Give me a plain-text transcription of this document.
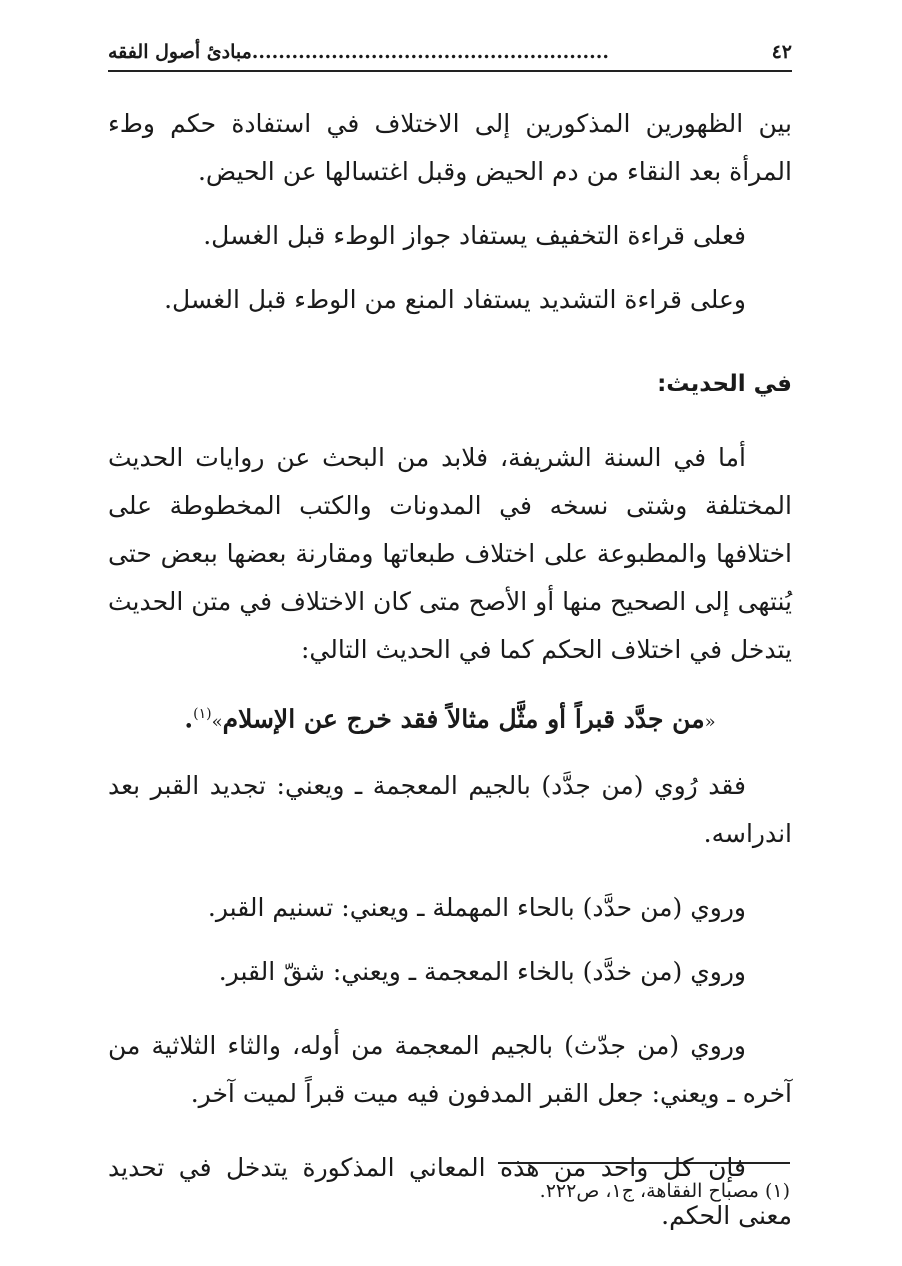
٤٢
......................................................مبادئ أصول الفقه

بين الظهورين المذكورين إلى الاختلاف في استفادة حكم وطء المرأة بعد النقاء من دم الحيض وقبل اغتسالها عن الحيض.

فعلى قراءة التخفيف يستفاد جواز الوطء قبل الغسل.

وعلى قراءة التشديد يستفاد المنع من الوطء قبل الغسل.

في الحديث:

أما في السنة الشريفة، فلابد من البحث عن روايات الحديث المختلفة وشتى نسخه في المدونات والكتب المخطوطة على اختلافها والمطبوعة على اختلاف طبعاتها ومقارنة بعضها ببعض حتى يُنتهى إلى الصحيح منها أو الأصح متى كان الاختلاف في متن الحديث يتدخل في اختلاف الحكم كما في الحديث التالي:

«من جدَّد قبراً أو مثَّل مثالاً فقد خرج عن الإسلام»$^{(١)}$.

فقد رُوي (من جدَّد) بالجيم المعجمة ـ ويعني: تجديد القبر بعد اندراسه.

وروي (من حدَّد) بالحاء المهملة ـ ويعني: تسنيم القبر.

وروي (من خدَّد) بالخاء المعجمة ـ ويعني: شقّ القبر.

وروي (من جدّث) بالجيم المعجمة من أوله، والثاء الثلاثية من آخره ـ ويعني: جعل القبر المدفون فيه ميت قبراً لميت آخر.

فإن كل واحد من هذه المعاني المذكورة يتدخل في تحديد معنى الحكم.

(١) مصباح الفقاهة، ج١، ص٢٢٢.
